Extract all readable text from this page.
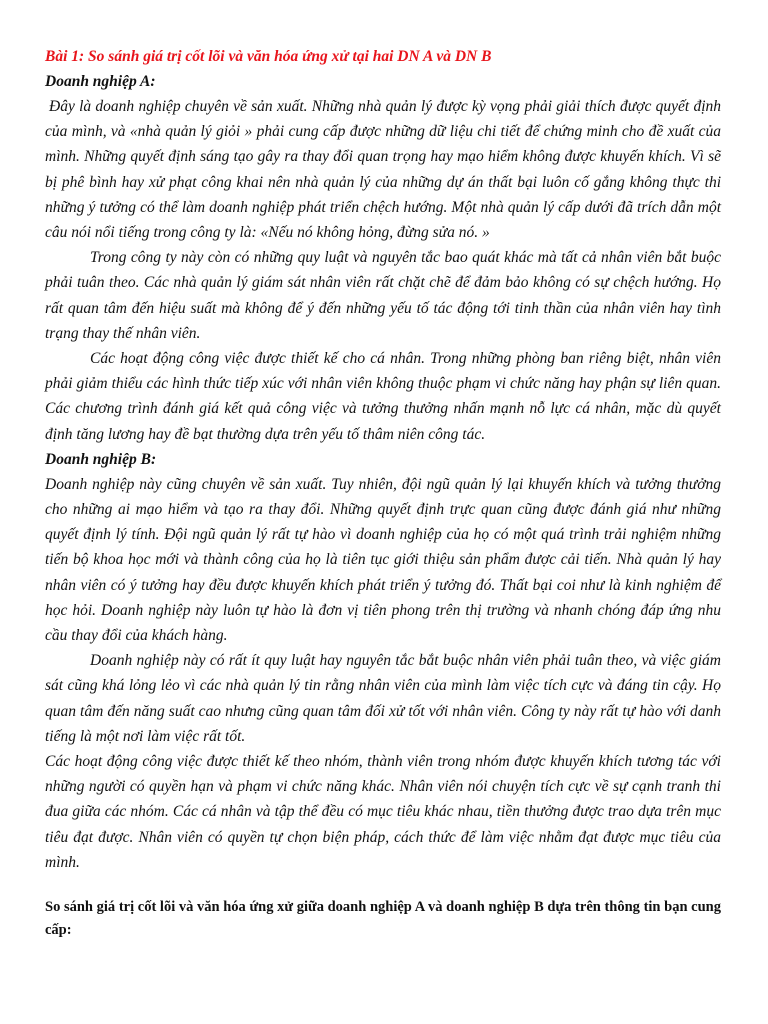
Bài 1: So sánh giá trị cốt lõi và văn hóa ứng xử tại hai DN A và DN B

Doanh nghiệp A:

Đây là doanh nghiệp chuyên về sản xuất. Những nhà quản lý được kỳ vọng phải giải thích được quyết định của mình, và «nhà quản lý giỏi » phải cung cấp được những dữ liệu chi tiết để chứng minh cho đề xuất của mình. Những quyết định sáng tạo gây ra thay đổi quan trọng hay mạo hiểm không được khuyến khích. Vì sẽ bị phê bình hay xử phạt công khai nên nhà quản lý của những dự án thất bại luôn cố gắng không thực thi những ý tưởng có thể làm doanh nghiệp phát triển chệch hướng. Một nhà quản lý cấp dưới đã trích dẫn một câu nói nổi tiếng trong công ty là: «Nếu nó không hỏng, đừng sửa nó. »

Trong công ty này còn có những quy luật và nguyên tắc bao quát khác mà tất cả nhân viên bắt buộc phải tuân theo. Các nhà quản lý giám sát nhân viên rất chặt chẽ để đảm bảo không có sự chệch hướng. Họ rất quan tâm đến hiệu suất mà không để ý đến những yếu tố tác động tới tinh thần của nhân viên hay tình trạng thay thế nhân viên.

Các hoạt động công việc được thiết kế cho cá nhân. Trong những phòng ban riêng biệt, nhân viên phải giảm thiểu các hình thức tiếp xúc với nhân viên không thuộc phạm vi chức năng hay phận sự liên quan. Các chương trình đánh giá kết quả công việc và tưởng thưởng nhấn mạnh nỗ lực cá nhân, mặc dù quyết định tăng lương hay đề bạt thường dựa trên yếu tố thâm niên công tác.

Doanh nghiệp B:

Doanh nghiệp này cũng chuyên về sản xuất. Tuy nhiên, đội ngũ quản lý lại khuyến khích và tưởng thưởng cho những ai mạo hiểm và tạo ra thay đổi. Những quyết định trực quan cũng được đánh giá như những quyết định lý tính. Đội ngũ quản lý rất tự hào vì doanh nghiệp của họ có một quá trình trải nghiệm những tiến bộ khoa học mới và thành công của họ là tiên tục giới thiệu sản phẩm được cải tiến. Nhà quản lý hay nhân viên có ý tưởng hay đều được khuyến khích phát triển ý tưởng đó. Thất bại coi như là kinh nghiệm để học hỏi. Doanh nghiệp này luôn tự hào là đơn vị tiên phong trên thị trường và nhanh chóng đáp ứng nhu cầu thay đổi của khách hàng.

Doanh nghiệp này có rất ít quy luật hay nguyên tắc bắt buộc nhân viên phải tuân theo, và việc giám sát cũng khá lỏng lẻo vì các nhà quản lý tin rằng nhân viên của mình làm việc tích cực và đáng tin cậy. Họ quan tâm đến năng suất cao nhưng cũng quan tâm đối xử tốt với nhân viên. Công ty này rất tự hào với danh tiếng là một nơi làm việc rất tốt.

Các hoạt động công việc được thiết kế theo nhóm, thành viên trong nhóm được khuyến khích tương tác với những người có quyền hạn và phạm vi chức năng khác. Nhân viên nói chuyện tích cực về sự cạnh tranh thi đua giữa các nhóm. Các cá nhân và tập thể đều có mục tiêu khác nhau, tiền thưởng được trao dựa trên mục tiêu đạt được. Nhân viên có quyền tự chọn biện pháp, cách thức để làm việc nhằm đạt được mục tiêu của mình.

So sánh giá trị cốt lõi và văn hóa ứng xử giữa doanh nghiệp A và doanh nghiệp B dựa trên thông tin bạn cung cấp:
